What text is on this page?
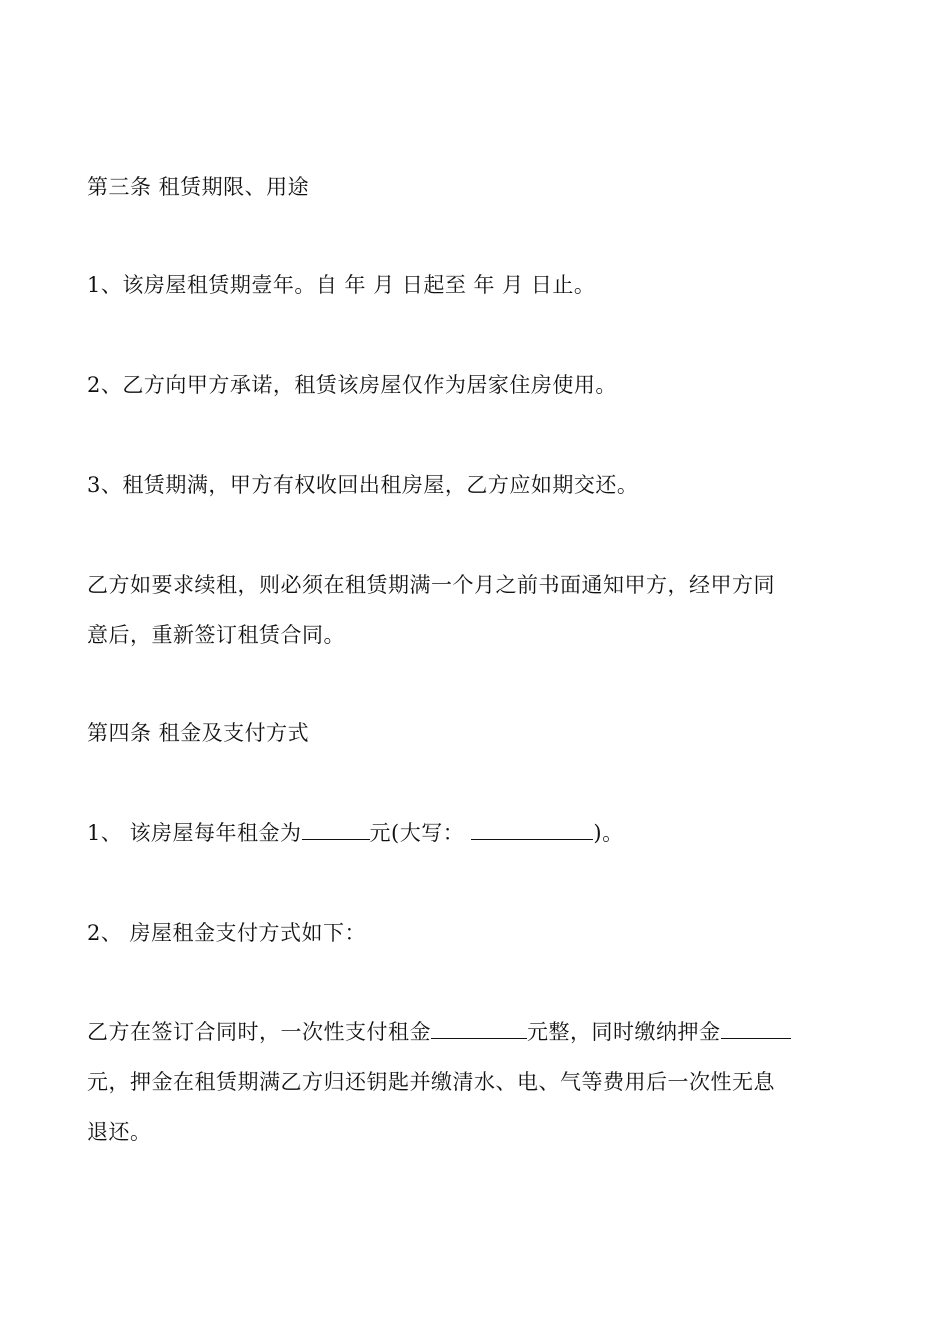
第三条 租赁期限、用途
1、该房屋租赁期壹年。自 年 月 日起至 年 月 日止。
2、乙方向甲方承诺，租赁该房屋仅作为居家住房使用。
3、租赁期满，甲方有权收回出租房屋，乙方应如期交还。
乙方如要求续租，则必须在租赁期满一个月之前书面通知甲方，经甲方同
意后，重新签订租赁合同。
第四条 租金及支付方式
1、 该房屋每年租金为	元(大写：	)。
2、 房屋租金支付方式如下：
乙方在签订合同时，一次性支付租金	元整，同时缴纳押金
元，押金在租赁期满乙方归还钥匙并缴清水、电、气等费用后一次性无息
退还。
